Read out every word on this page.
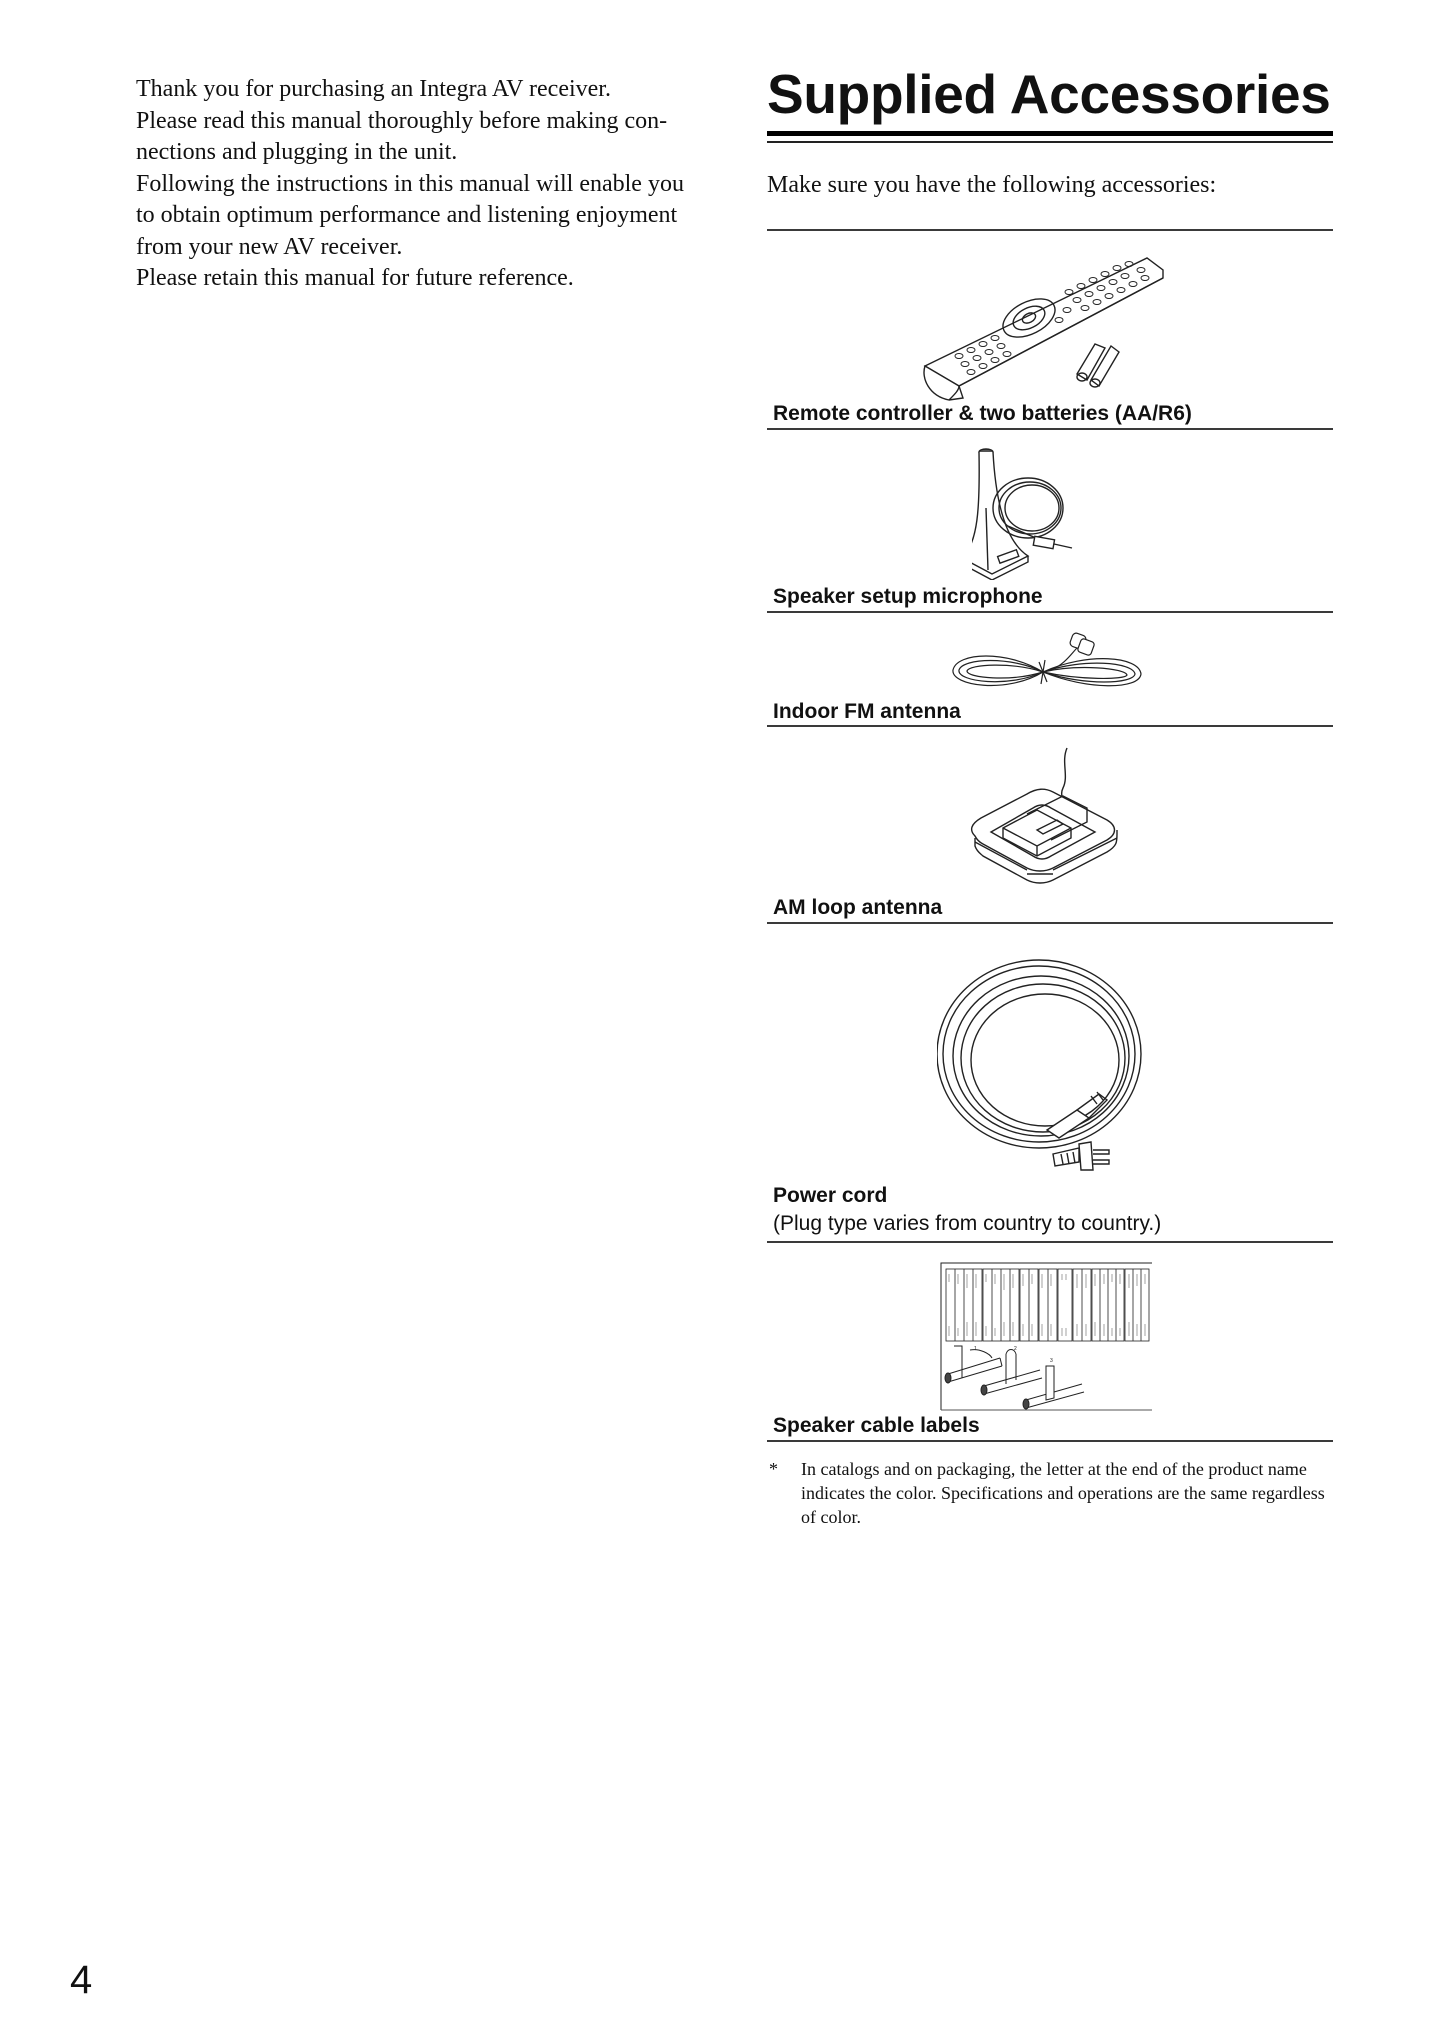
Thank you for purchasing an Integra AV receiver.

Please read this manual thoroughly before making con-

nections and plugging in the unit.

Following the instructions in this manual will enable you

to obtain optimum performance and listening enjoyment

from your new AV receiver.

Please retain this manual for future reference.

Supplied Accessories
Make sure you have the following accessories:
Remote controller & two batteries (AA/R6)
Speaker setup microphone
Indoor FM antenna
AM loop antenna
Power cord
(Plug type varies from country to country.)
1	2
3
Speaker cable labels
* In catalogs and on packaging, the letter at the end of the product name indicates the color. Specifications and operations are the same regardless of color.
4
